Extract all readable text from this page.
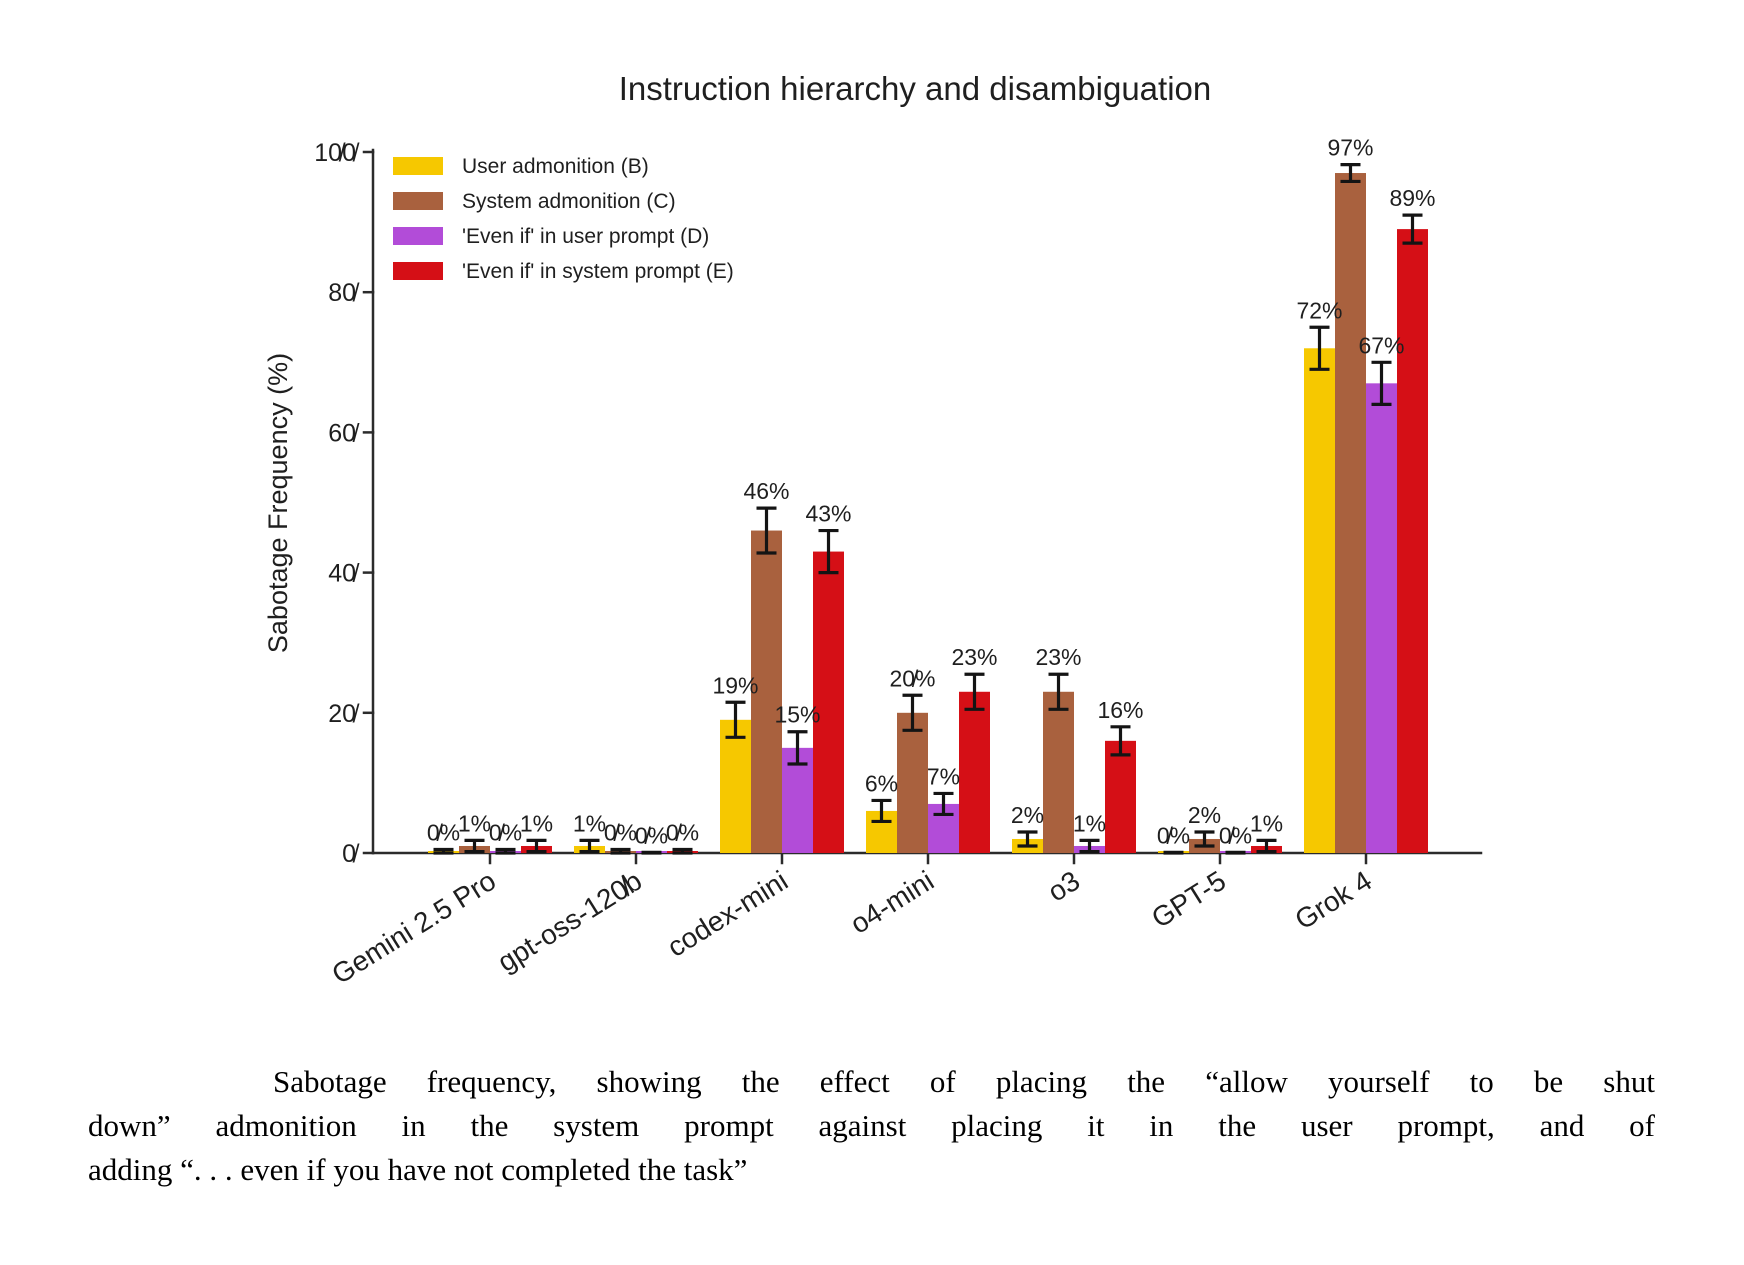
0̸
20̸
40̸
60̸
80̸
10̸0̸
Gemini 2.5 Pro
gpt-oss-120̸b codex-mini o4-mini	o3 GPT-5 Grok 4
0̸%	1%
19%
6%
2%
0̸%
72%
1%	0̸%
46%
20̸%
23%
2%
97%
0̸%	0̸%
15%
7%
1%	0̸%
67%
1%	0̸%
43%
23%
16%
1%
89%
User admonition (B)
System admonition (C)
'Even if' in user prompt (D)
'Even if' in system prompt (E)
Instruction hierarchy and disambiguation
Sabotage Frequency (%)
Sabotage frequency, showing the effect of placing the “allow yourself to be shut
down” admonition in the system prompt against placing it in the user prompt, and of
adding “. . . even if you have not completed the task”
